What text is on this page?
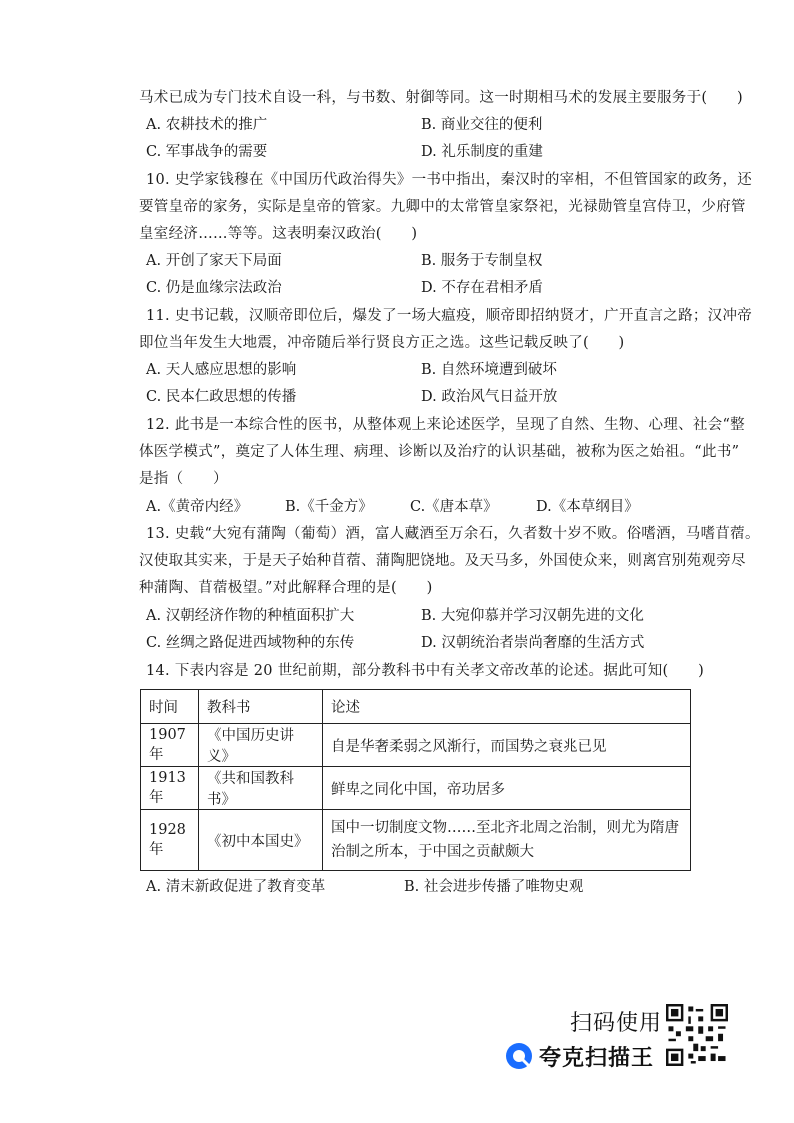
马术已成为专门技术自设一科，与书数、射御等同。这一时期相马术的发展主要服务于(　　)
A. 农耕技术的推广	B. 商业交往的便利
C. 军事战争的需要	D. 礼乐制度的重建
10. 史学家钱穆在《中国历代政治得失》一书中指出，秦汉时的宰相，不但管国家的政务，还
要管皇帝的家务，实际是皇帝的管家。九卿中的太常管皇家祭祀，光禄勋管皇宫侍卫，少府管
皇室经济……等等。这表明秦汉政治(　　)
A. 开创了家天下局面	B. 服务于专制皇权
C. 仍是血缘宗法政治	D. 不存在君相矛盾
11. 史书记载，汉顺帝即位后，爆发了一场大瘟疫，顺帝即招纳贤才，广开直言之路；汉冲帝
即位当年发生大地震，冲帝随后举行贤良方正之选。这些记载反映了(　　)
A. 天人感应思想的影响	B. 自然环境遭到破坏
C. 民本仁政思想的传播	D. 政治风气日益开放
12. 此书是一本综合性的医书，从整体观上来论述医学，呈现了自然、生物、心理、社会“整
体医学模式”，奠定了人体生理、病理、诊断以及治疗的认识基础，被称为医之始祖。“此书”
是指（　　）
A.《黄帝内经》	B.《千金方》	C.《唐本草》	D.《本草纲目》
13. 史载“大宛有蒲陶（葡萄）酒，富人藏酒至万余石，久者数十岁不败。俗嗜酒，马嗜苜蓿。
汉使取其实来，于是天子始种苜蓿、蒲陶肥饶地。及天马多，外国使众来，则离宫别苑观旁尽
种蒲陶、苜蓿极望。”对此解释合理的是(　　)
A. 汉朝经济作物的种植面积扩大	B. 大宛仰慕并学习汉朝先进的文化
C. 丝绸之路促进西域物种的东传	D. 汉朝统治者崇尚奢靡的生活方式
14. 下表内容是 20 世纪前期，部分教科书中有关孝文帝改革的论述。据此可知(　　)
时间	教科书	论述
1907 年	《中国历史讲义》	自是华奢柔弱之风渐行，而国势之衰兆已见
1913 年	《共和国教科书》	鲜卑之同化中国，帝功居多
1928 年	《初中本国史》	国中一切制度文物……至北齐北周之治制，则尤为隋唐治制之所本，于中国之贡献颇大
A. 清末新政促进了教育变革	B. 社会进步传播了唯物史观
扫码使用
夸克扫描王
